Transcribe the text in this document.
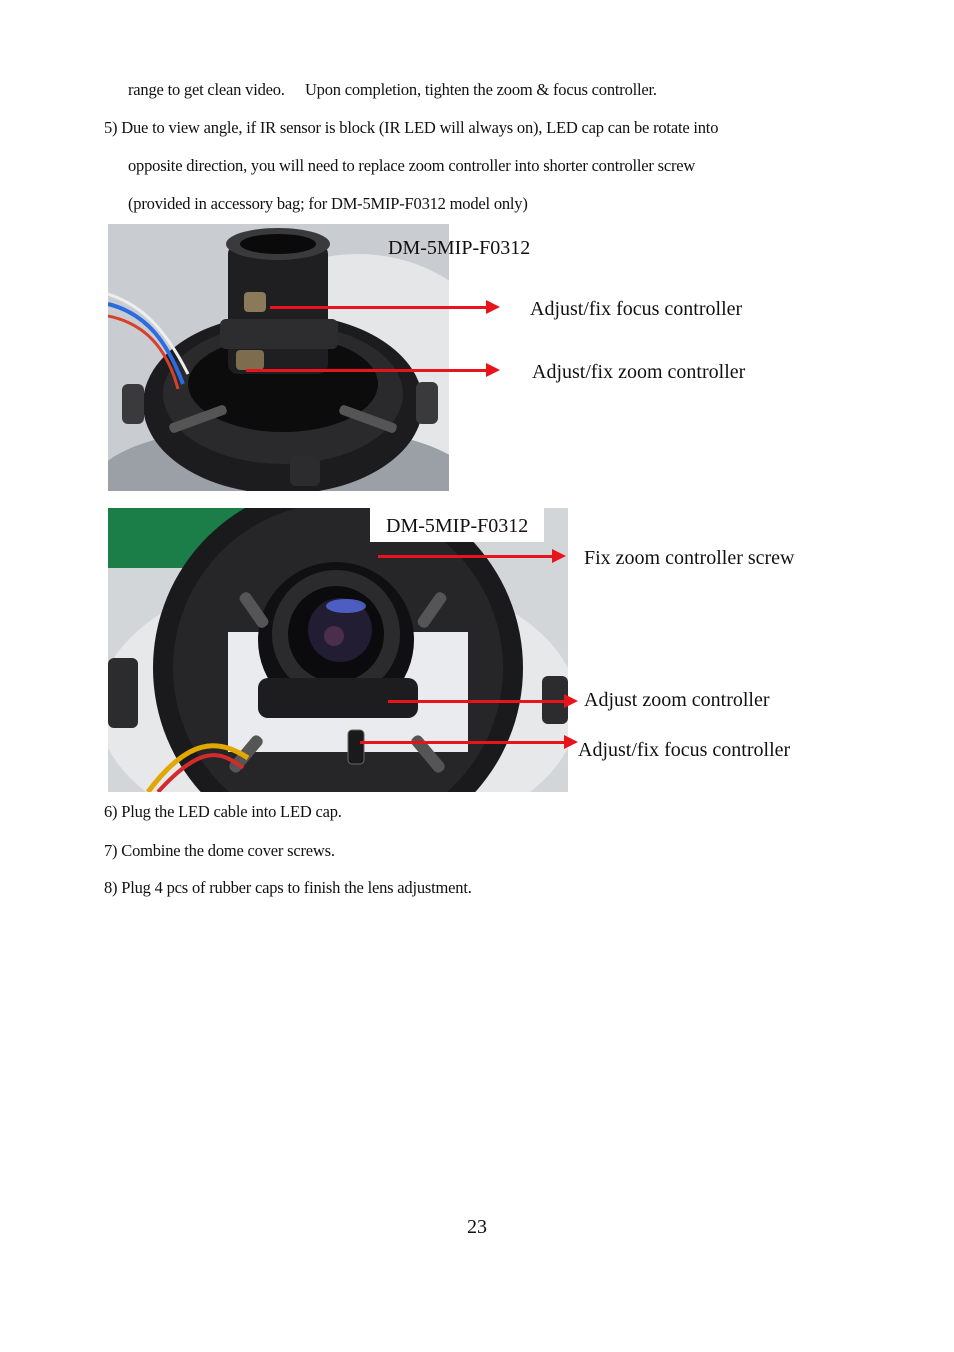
range to get clean video.  Upon completion, tighten the zoom & focus controller.
5) Due to view angle, if IR sensor is block (IR LED will always on), LED cap can be rotate into
opposite direction, you will need to replace zoom controller into shorter controller screw
(provided in accessory bag; for DM-5MIP-F0312 model only)
DM-5MIP-F0312
Adjust/fix focus controller
Adjust/fix zoom controller
DM-5MIP-F0312
Fix zoom controller screw
Adjust zoom controller
Adjust/fix focus controller
6) Plug the LED cable into LED cap.
7) Combine the dome cover screws.
8) Plug 4 pcs of rubber caps to finish the lens adjustment.
23
